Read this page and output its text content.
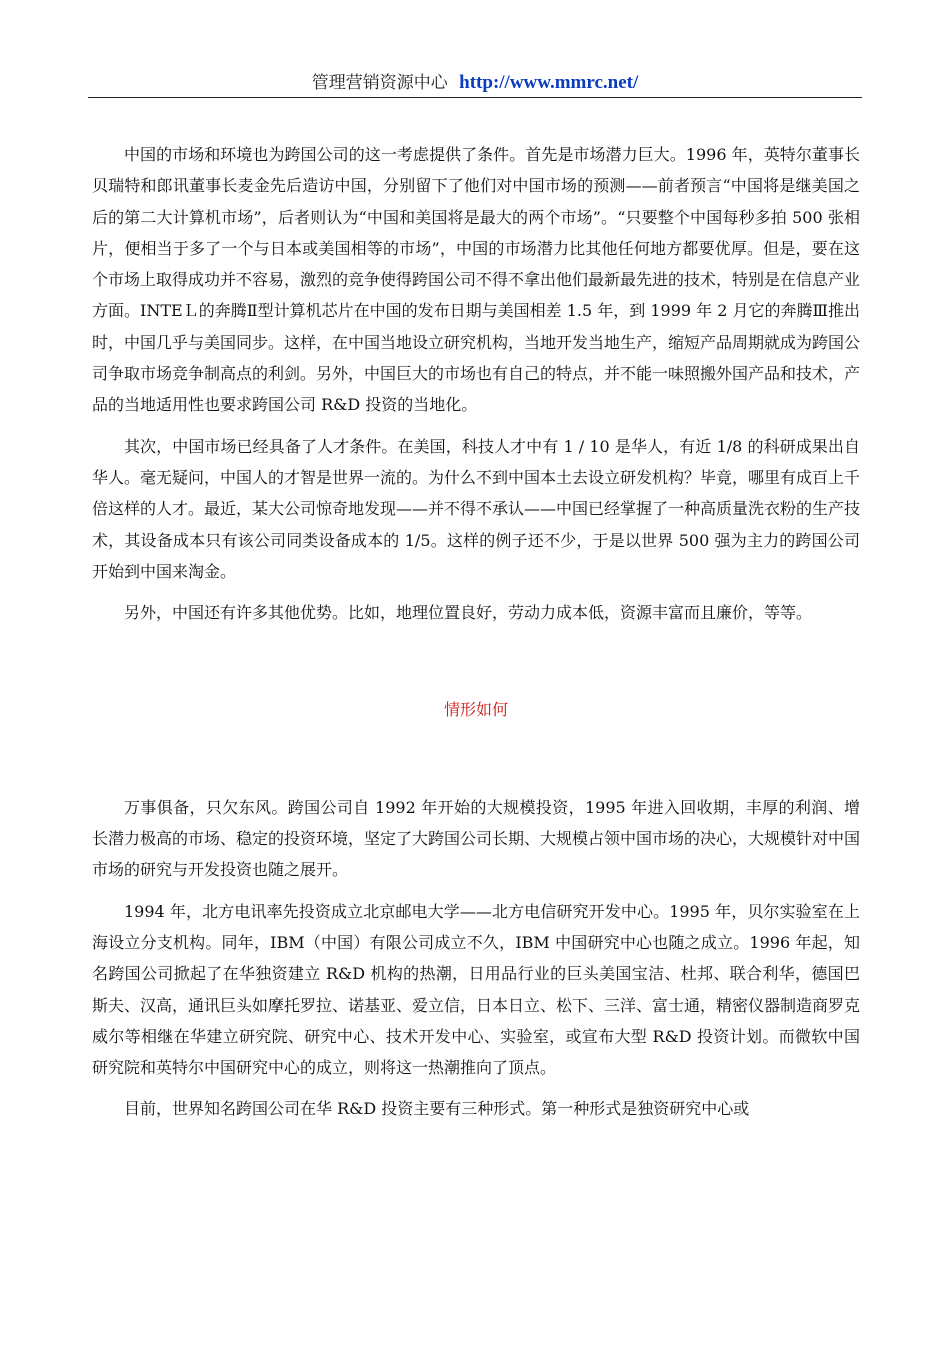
管理营销资源中心 http://www.mmrc.net/

中国的市场和环境也为跨国公司的这一考虑提供了条件。首先是市场潜力巨大。1996 年，英特尔董事长贝瑞特和郎讯董事长麦金先后造访中国，分别留下了他们对中国市场的预测——前者预言“中国将是继美国之后的第二大计算机市场”，后者则认为“中国和美国将是最大的两个市场”。“只要整个中国每秒多拍 500 张相片，便相当于多了一个与日本或美国相等的市场”，中国的市场潜力比其他任何地方都要优厚。但是，要在这个市场上取得成功并不容易，激烈的竞争使得跨国公司不得不拿出他们最新最先进的技术，特别是在信息产业方面。INTEＬ的奔腾Ⅱ型计算机芯片在中国的发布日期与美国相差 1.5 年，到 1999 年 2 月它的奔腾Ⅲ推出时，中国几乎与美国同步。这样，在中国当地设立研究机构，当地开发当地生产，缩短产品周期就成为跨国公司争取市场竞争制高点的利剑。另外，中国巨大的市场也有自己的特点，并不能一味照搬外国产品和技术，产品的当地适用性也要求跨国公司 R&D 投资的当地化。

其次，中国市场已经具备了人才条件。在美国，科技人才中有 1 / 10 是华人，有近 1/8 的科研成果出自华人。毫无疑问，中国人的才智是世界一流的。为什么不到中国本土去设立研发机构？毕竟，哪里有成百上千倍这样的人才。最近，某大公司惊奇地发现——并不得不承认——中国已经掌握了一种高质量洗衣粉的生产技术，其设备成本只有该公司同类设备成本的 1/5。这样的例子还不少，于是以世界 500 强为主力的跨国公司开始到中国来淘金。

另外，中国还有许多其他优势。比如，地理位置良好，劳动力成本低，资源丰富而且廉价，等等。

情形如何

万事俱备，只欠东风。跨国公司自 1992 年开始的大规模投资，1995 年进入回收期，丰厚的利润、增长潜力极高的市场、稳定的投资环境，坚定了大跨国公司长期、大规模占领中国市场的决心，大规模针对中国市场的研究与开发投资也随之展开。

1994 年，北方电讯率先投资成立北京邮电大学——北方电信研究开发中心。1995 年，贝尔实验室在上海设立分支机构。同年，IBM（中国）有限公司成立不久，IBM 中国研究中心也随之成立。1996 年起，知名跨国公司掀起了在华独资建立 R&D 机构的热潮，日用品行业的巨头美国宝洁、杜邦、联合利华，德国巴斯夫、汉高，通讯巨头如摩托罗拉、诺基亚、爱立信，日本日立、松下、三洋、富士通，精密仪器制造商罗克威尔等相继在华建立研究院、研究中心、技术开发中心、实验室，或宣布大型 R&D 投资计划。而微软中国研究院和英特尔中国研究中心的成立，则将这一热潮推向了顶点。

目前，世界知名跨国公司在华 R&D 投资主要有三种形式。第一种形式是独资研究中心或
